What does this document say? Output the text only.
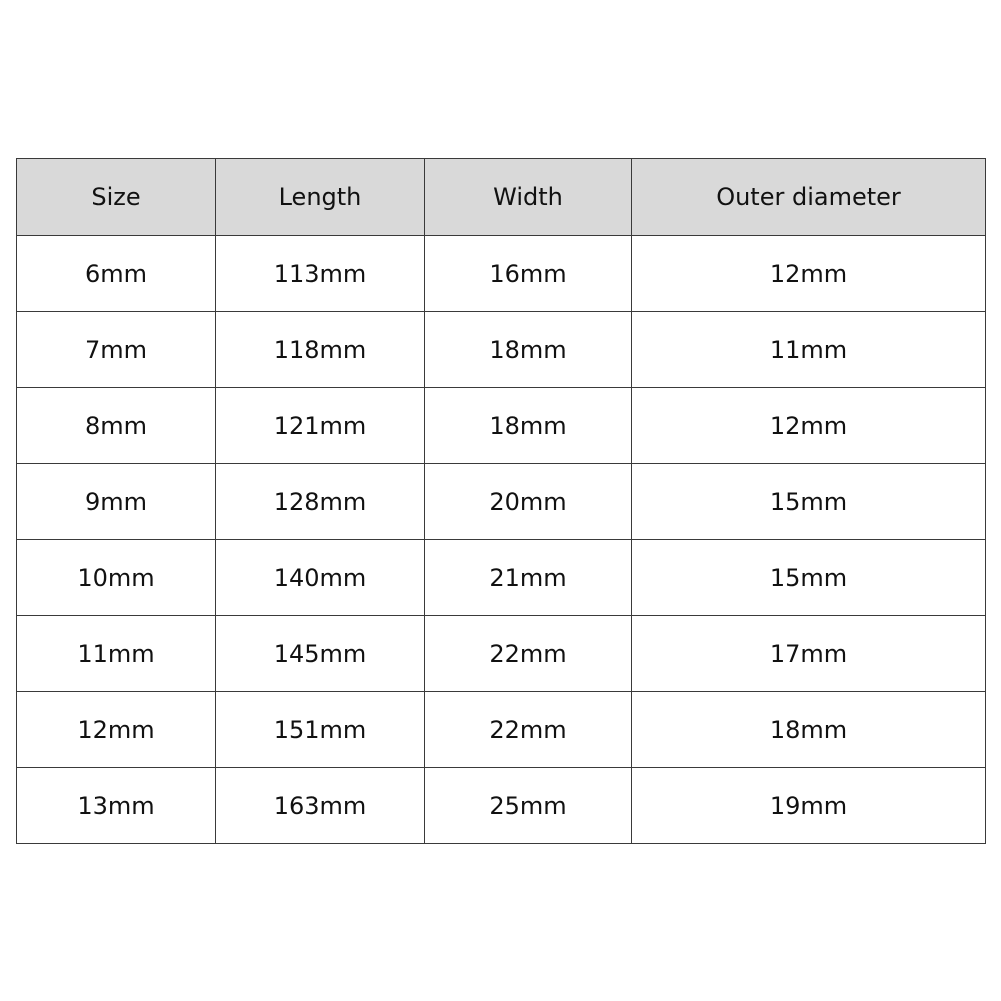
Size	Length	Width	Outer diameter
6mm	113mm	16mm	12mm
7mm	118mm	18mm	11mm
8mm	121mm	18mm	12mm
9mm	128mm	20mm	15mm
10mm	140mm	21mm	15mm
11mm	145mm	22mm	17mm
12mm	151mm	22mm	18mm
13mm	163mm	25mm	19mm
